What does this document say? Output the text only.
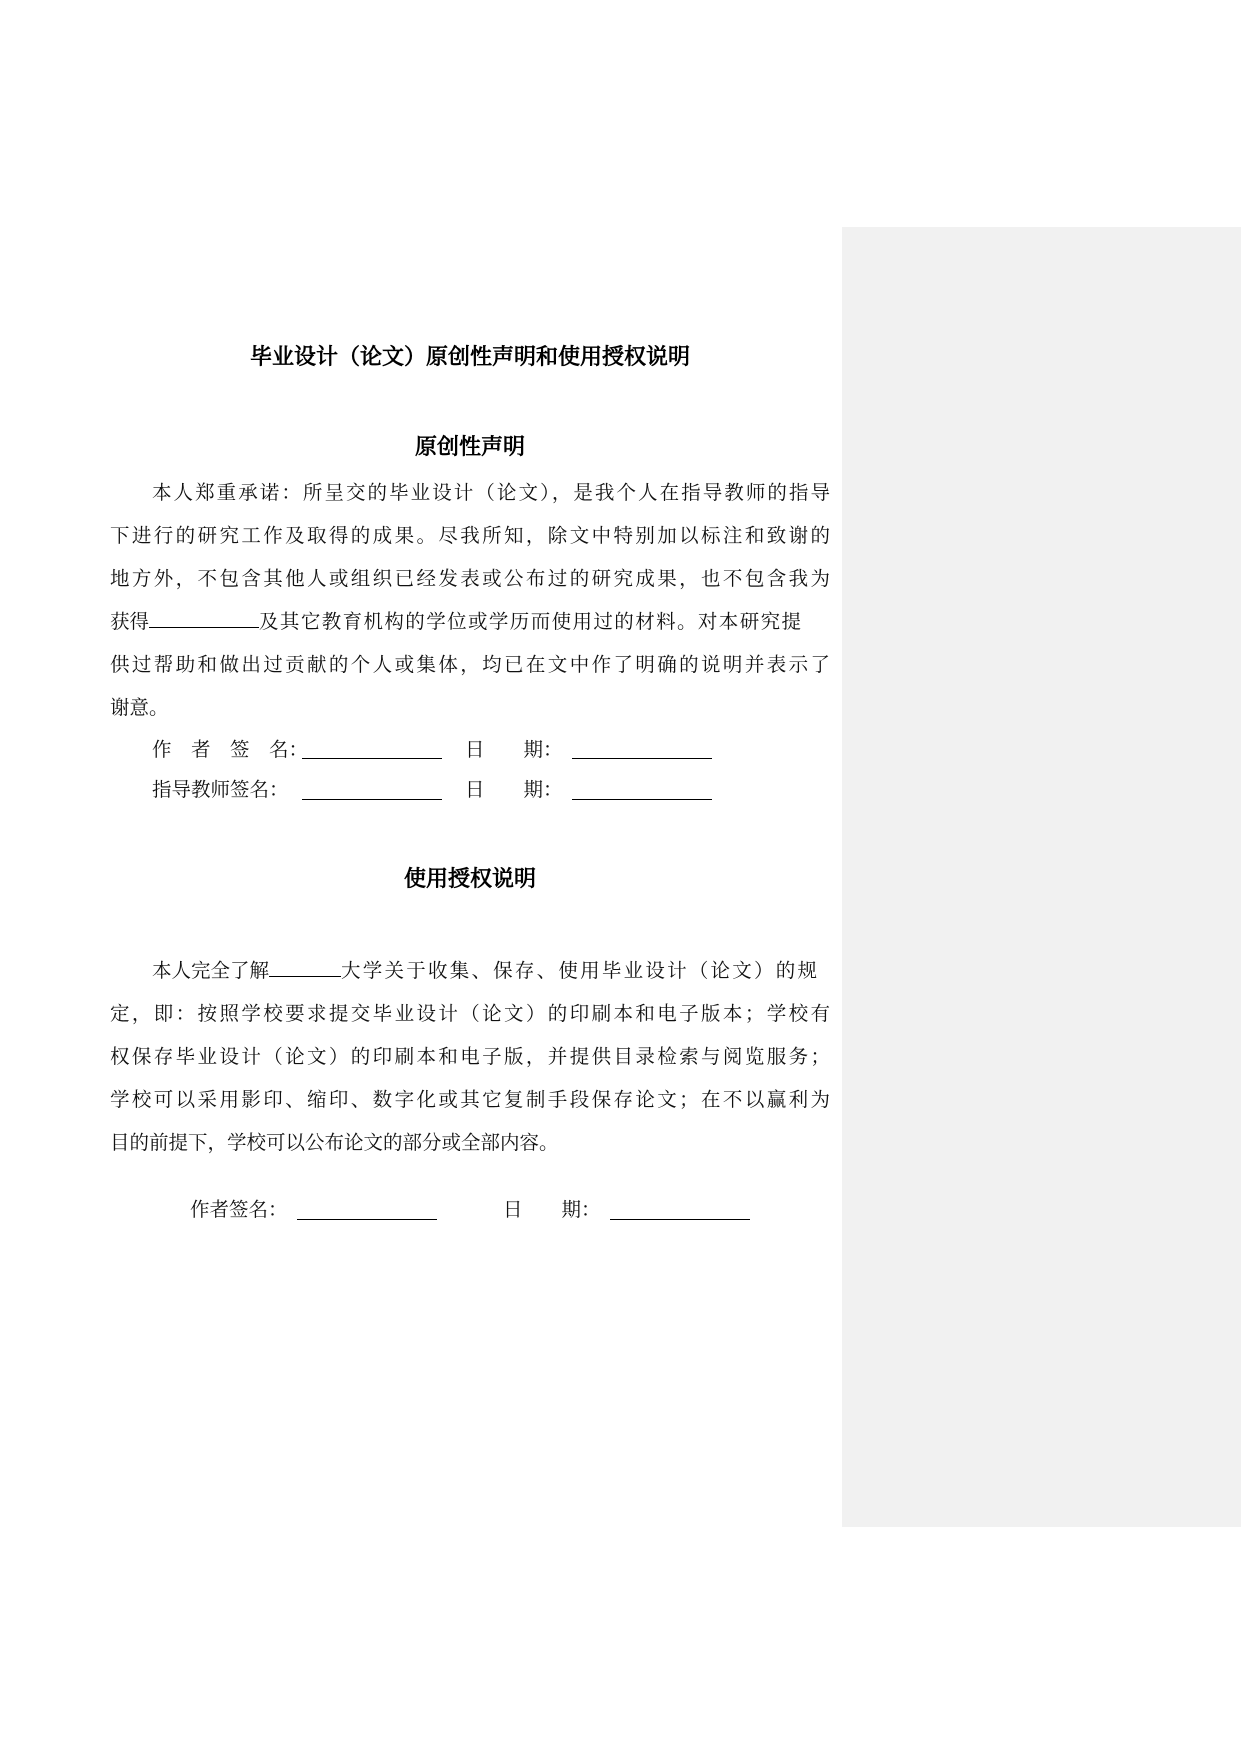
毕业设计（论文）原创性声明和使用授权说明
原创性声明
本人郑重承诺：所呈交的毕业设计（论文），是我个人在指导教师的指导
下进行的研究工作及取得的成果。尽我所知，除文中特别加以标注和致谢的
地方外，不包含其他人或组织已经发表或公布过的研究成果，也不包含我为
获得	及其它教育机构的学位或学历而使用过的材料。对本研究提
供过帮助和做出过贡献的个人或集体，均已在文中作了明确的说明并表示了
谢意。
作　者　签　名：	日　　期：
指导教师签名：	日　　期：
使用授权说明
本人完全了解	大学关于收集、保存、使用毕业设计（论文）的规
定，即：按照学校要求提交毕业设计（论文）的印刷本和电子版本；学校有
权保存毕业设计（论文）的印刷本和电子版，并提供目录检索与阅览服务；
学校可以采用影印、缩印、数字化或其它复制手段保存论文；在不以赢利为
目的前提下，学校可以公布论文的部分或全部内容。
作者签名：	日　　期：
